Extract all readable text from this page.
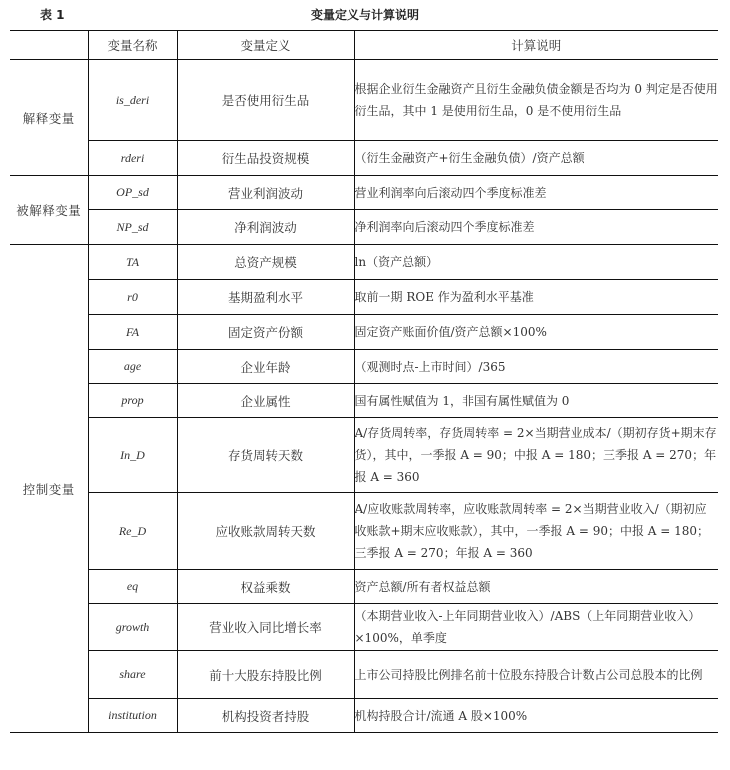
表 1	变量定义与计算说明
	变量名称	变量定义	计算说明
解释变量	is_deri	是否使用衍生品	根据企业衍生金融资产且衍生金融负债金额是否均为 0 判定是否使用衍生品，其中 1 是使用衍生品，0 是不使用衍生品
	rderi	衍生品投资规模	（衍生金融资产+衍生金融负债）/资产总额
被解释变量	OP_sd	营业利润波动	营业利润率向后滚动四个季度标准差
	NP_sd	净利润波动	净利润率向后滚动四个季度标准差
控制变量	TA	总资产规模	ln（资产总额）
	r0	基期盈利水平	取前一期 ROE 作为盈利水平基准
	FA	固定资产份额	固定资产账面价值/资产总额×100%
	age	企业年龄	（观测时点-上市时间）/365
	prop	企业属性	国有属性赋值为 1，非国有属性赋值为 0
	In_D	存货周转天数	A/存货周转率，存货周转率 = 2×当期营业成本/（期初存货+期末存货），其中，一季报 A = 90；中报 A = 180；三季报 A = 270；年报 A = 360
	Re_D	应收账款周转天数	A/应收账款周转率，应收账款周转率 = 2×当期营业收入/（期初应收账款+期末应收账款），其中，一季报 A = 90；中报 A = 180；三季报 A = 270；年报 A = 360
	eq	权益乘数	资产总额/所有者权益总额
	growth	营业收入同比增长率	（本期营业收入-上年同期营业收入）/ABS（上年同期营业收入）×100%，单季度
	share	前十大股东持股比例	上市公司持股比例排名前十位股东持股合计数占公司总股本的比例
	institution	机构投资者持股	机构持股合计/流通 A 股×100%
